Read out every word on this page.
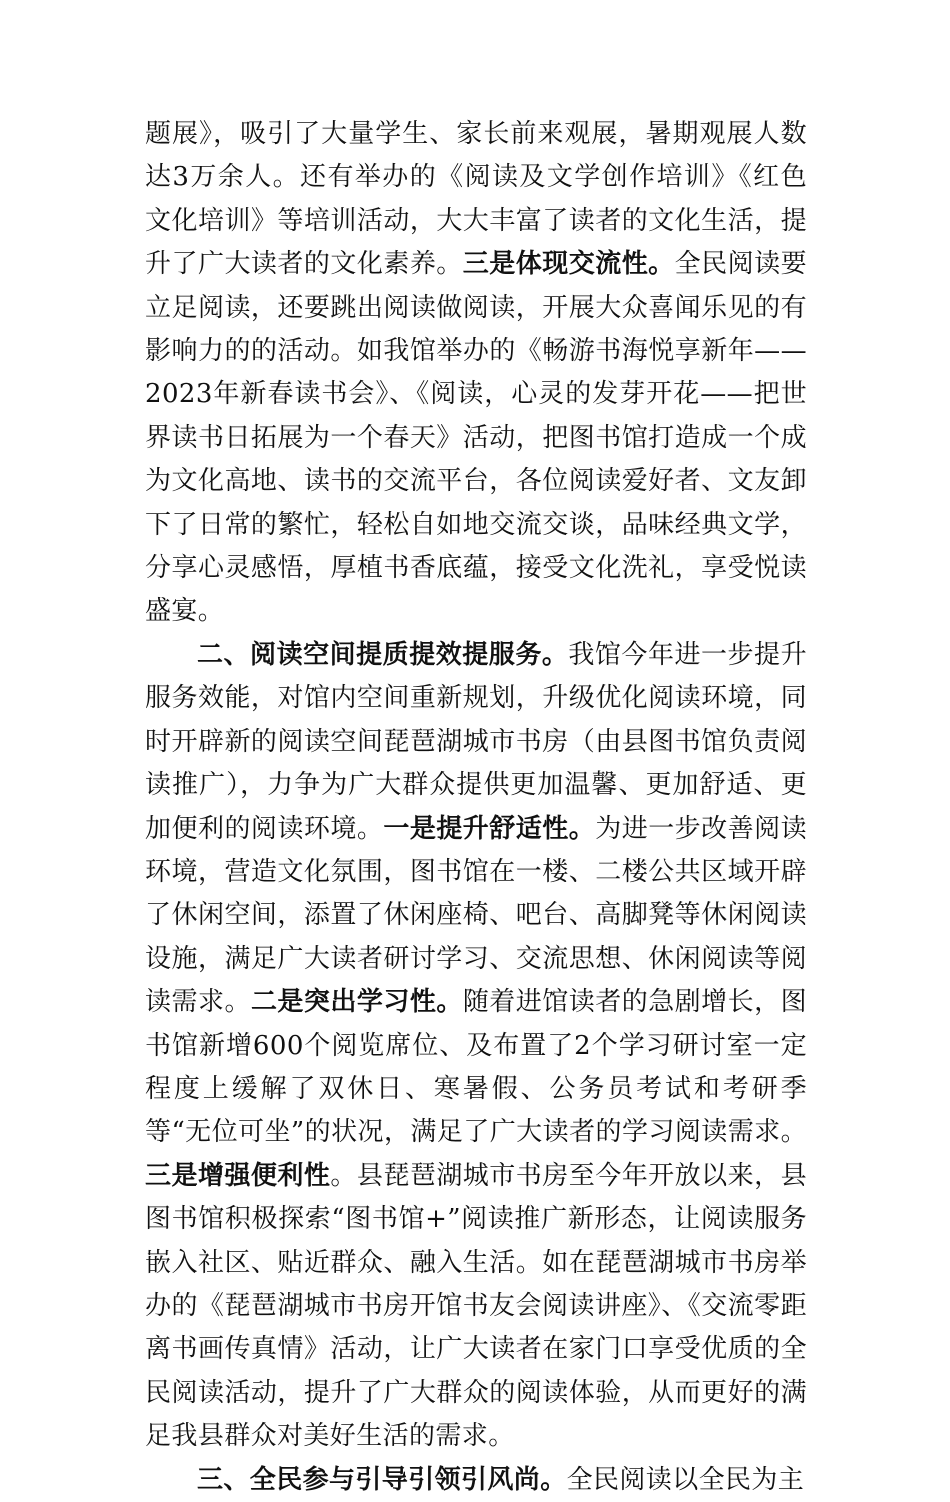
题展》，吸引了大量学生、家长前来观展，暑期观展人数达3万余人。还有举办的《阅读及文学创作培训》《红色文化培训》等培训活动，大大丰富了读者的文化生活，提升了广大读者的文化素养。三是体现交流性。全民阅读要立足阅读，还要跳出阅读做阅读，开展大众喜闻乐见的有影响力的的活动。如我馆举办的《畅游书海悦享新年——2023年新春读书会》、《阅读，心灵的发芽开花——把世界读书日拓展为一个春天》活动，把图书馆打造成一个成为文化高地、读书的交流平台，各位阅读爱好者、文友卸下了日常的繁忙，轻松自如地交流交谈，品味经典文学，分享心灵感悟，厚植书香底蕴，接受文化洗礼，享受悦读盛宴。

二、阅读空间提质提效提服务。我馆今年进一步提升服务效能，对馆内空间重新规划，升级优化阅读环境，同时开辟新的阅读空间琵琶湖城市书房（由县图书馆负责阅读推广），力争为广大群众提供更加温馨、更加舒适、更加便利的阅读环境。一是提升舒适性。为进一步改善阅读环境，营造文化氛围，图书馆在一楼、二楼公共区域开辟了休闲空间，添置了休闲座椅、吧台、高脚凳等休闲阅读设施，满足广大读者研讨学习、交流思想、休闲阅读等阅读需求。二是突出学习性。随着进馆读者的急剧增长，图书馆新增600个阅览席位、及布置了2个学习研讨室一定程度上缓解了双休日、寒暑假、公务员考试和考研季等“无位可坐”的状况，满足了广大读者的学习阅读需求。三是增强便利性。县琵琶湖城市书房至今年开放以来，县图书馆积极探索“图书馆+”阅读推广新形态，让阅读服务嵌入社区、贴近群众、融入生活。如在琵琶湖城市书房举办的《琵琶湖城市书房开馆书友会阅读讲座》、《交流零距离书画传真情》活动，让广大读者在家门口享受优质的全民阅读活动，提升了广大群众的阅读体验，从而更好的满足我县群众对美好生活的需求。

三、全民参与引导引领引风尚。全民阅读以全民为主
